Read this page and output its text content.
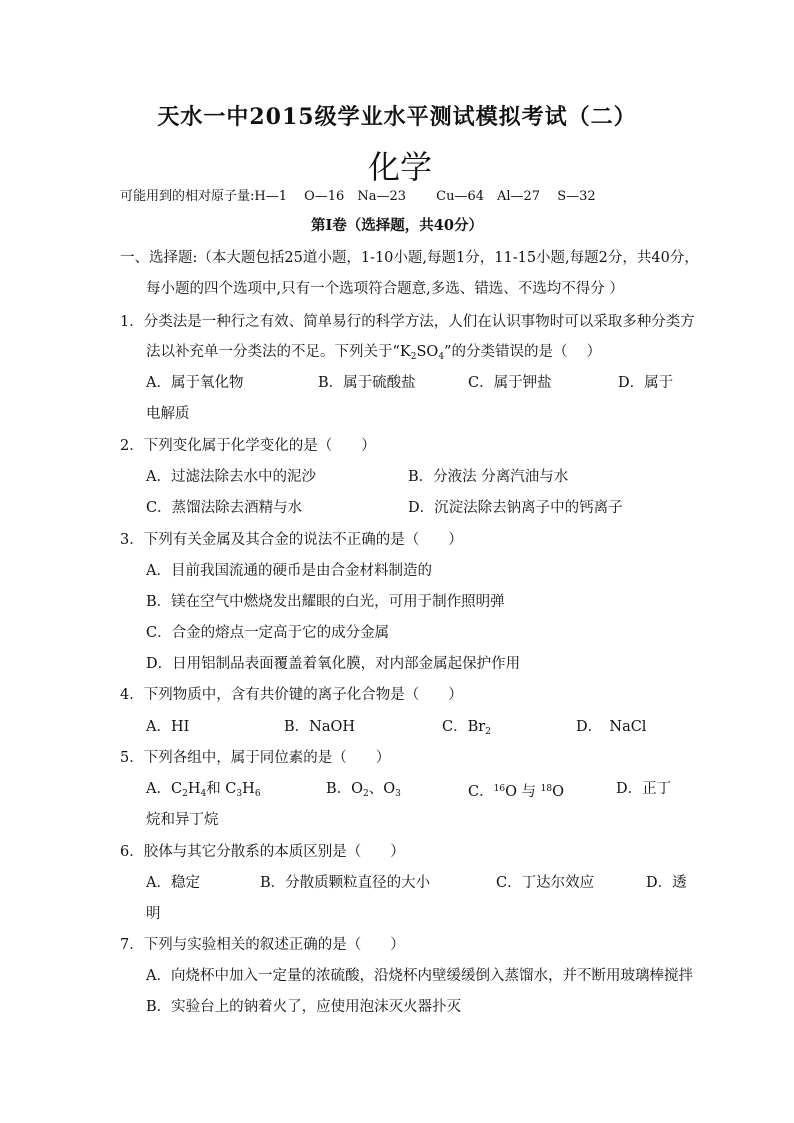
天水一中2015级学业水平测试模拟考试（二）
化学
可能用到的相对原子量:H—1　 O—16　Na—23　　 Cu—64　Al—27　 S—32
第Ⅰ卷（选择题，共40分）
一、选择题:（本大题包括25道小题，1-10小题,每题1分，11-15小题,每题2分，共40分，
每小题的四个选项中,只有一个选项符合题意,多选、错选、不选均不得分 ）
1．分类法是一种行之有效、简单易行的科学方法，人们在认识事物时可以采取多种分类方
法以补充单一分类法的不足。下列关于“$K_2SO_4$”的分类错误的是（　 ）
A．属于氧化物	B．属于硫酸盐	C．属于钾盐	D．属于
电解质
2．下列变化属于化学变化的是（　　）
A．过滤法除去水中的泥沙	B．分液法 分离汽油与水
C．蒸馏法除去酒精与水	D．沉淀法除去钠离子中的钙离子
3．下列有关金属及其合金的说法不正确的是（　　）
A．目前我国流通的硬币是由合金材料制造的
B．镁在空气中燃烧发出耀眼的白光，可用于制作照明弹
C．合金的熔点一定高于它的成分金属
D．日用铝制品表面覆盖着氧化膜，对内部金属起保护作用
4．下列物质中，含有共价键的离子化合物是（　　）
A．HI	B．NaOH	C．$Br_2$	D．　NaCl
5．下列各组中，属于同位素的是（　　）
A．$C_2H_4$和 $C_3H_6$	B．$O_2$、$O_3$	C．$^{16}$O 与 $^{18}$O	D．正丁
烷和异丁烷
6．胶体与其它分散系的本质区别是（　　）
A．稳定	B．分散质颗粒直径的大小	C．丁达尔效应	D．透
明
7．下列与实验相关的叙述正确的是（　　）
A．向烧杯中加入一定量的浓硫酸，沿烧杯内壁缓缓倒入蒸馏水，并不断用玻璃棒搅拌
B．实验台上的钠着火了，应使用泡沫灭火器扑灭
